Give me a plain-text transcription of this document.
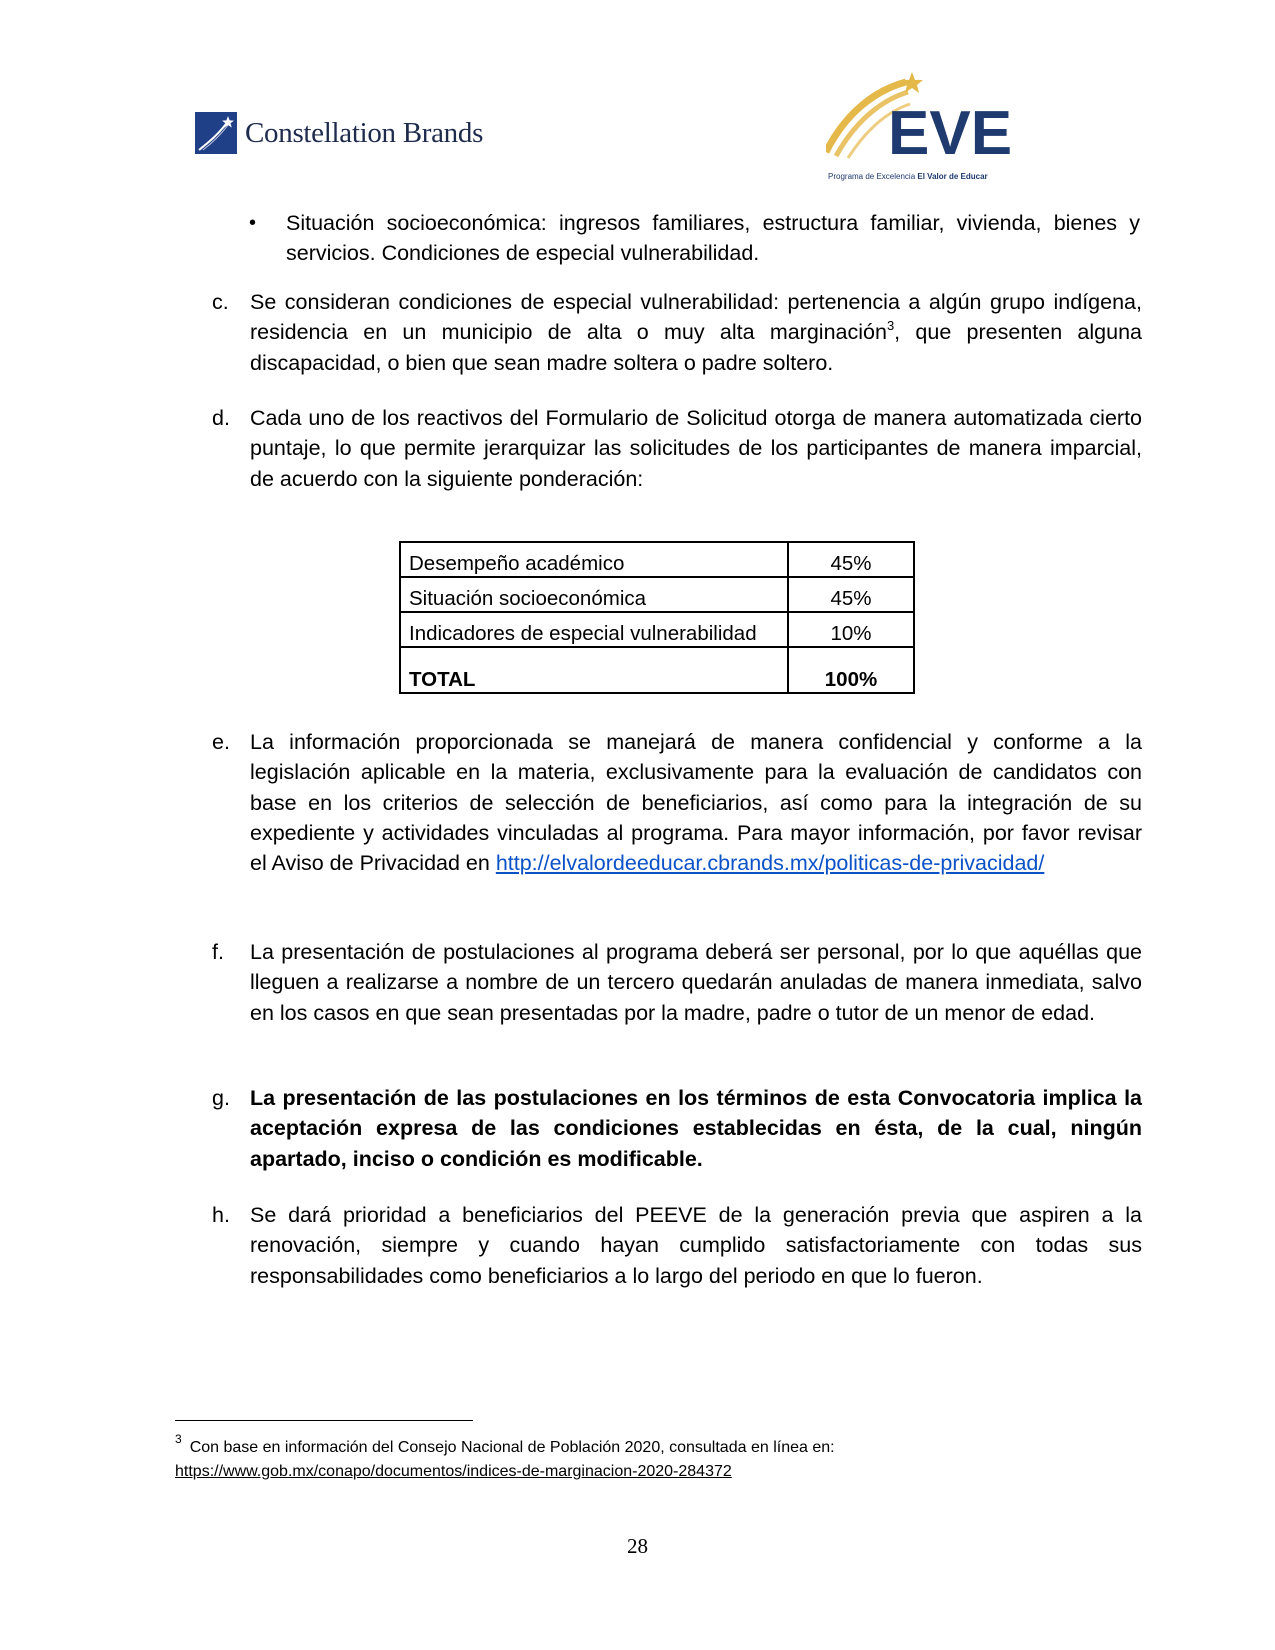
Constellation Brands	EVE
Programa de Excelencia El Valor de Educar
• Situación socioeconómica: ingresos familiares, estructura familiar, vivienda, bienes y servicios. Condiciones de especial vulnerabilidad.

c. Se consideran condiciones de especial vulnerabilidad: pertenencia a algún grupo indígena, residencia en un municipio de alta o muy alta marginación$^3$, que presenten alguna discapacidad, o bien que sean madre soltera o padre soltero.

d. Cada uno de los reactivos del Formulario de Solicitud otorga de manera automatizada cierto puntaje, lo que permite jerarquizar las solicitudes de los participantes de manera imparcial, de acuerdo con la siguiente ponderación:

Desempeño académico	45%
Situación socioeconómica	45%
Indicadores de especial vulnerabilidad	10%
TOTAL	100%
e. La información proporcionada se manejará de manera confidencial y conforme a la legislación aplicable en la materia, exclusivamente para la evaluación de candidatos con base en los criterios de selección de beneficiarios, así como para la integración de su expediente y actividades vinculadas al programa. Para mayor información, por favor revisar el Aviso de Privacidad en http://elvalordeeducar.cbrands.mx/politicas-de-privacidad/

f.	La presentación de postulaciones al programa deberá ser personal, por lo que aquéllas que lleguen a realizarse a nombre de un tercero quedarán anuladas de manera inmediata, salvo en los casos en que sean presentadas por la madre, padre o tutor de un menor de edad.

g. La presentación de las postulaciones en los términos de esta Convocatoria implica la aceptación expresa de las condiciones establecidas en ésta, de la cual, ningún apartado, inciso o condición es modificable.

h. Se dará prioridad a beneficiarios del PEEVE de la generación previa que aspiren a la renovación, siempre y cuando hayan cumplido satisfactoriamente con todas sus responsabilidades como beneficiarios a lo largo del periodo en que lo fueron.

$^3$Con base en información del Consejo Nacional de Población 2020, consultada en línea en:
https://www.gob.mx/conapo/documentos/indices-de-marginacion-2020-284372
28
